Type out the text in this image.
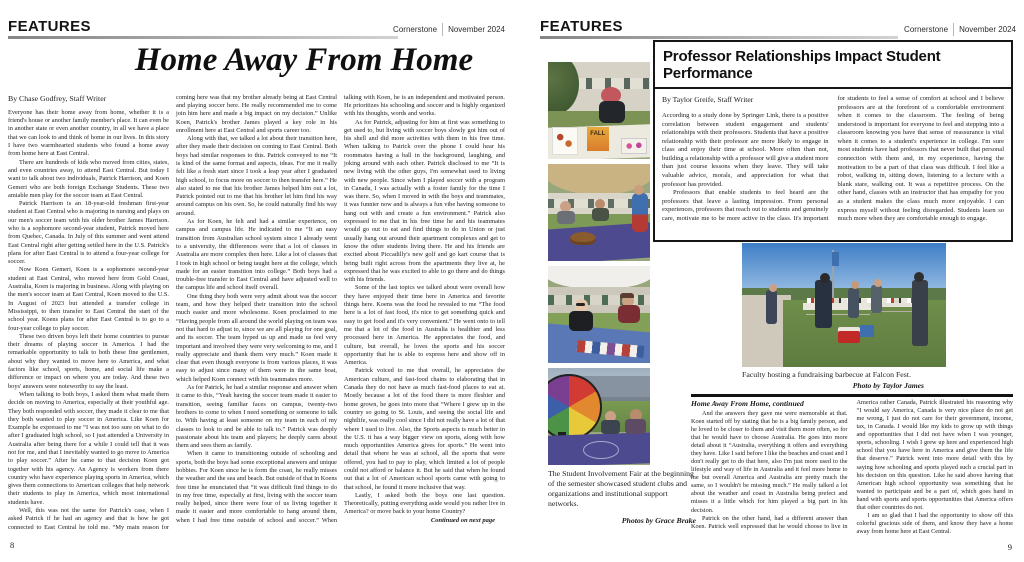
FEATURES	Cornerstone November 2024
Home Away From Home

By Chase Godfrey, Staff Writer

Everyone has their home away from home, whether it is a friend's house or another family member's place. It can even be in another state or even another country, in all we have a place that we can look to and think of home in our lives. In this story I have two warmhearted students who found a home away from home here at East Central.

There are hundreds of kids who moved from cities, states, and even countries away, to attend East Central. But today I want to talk about two individuals, Patrick Harrison, and Koen Gemeri who are both foreign Exchange Students. These two amiable men play for the soccer team at East Central.

Patrick Harrison is an 18-year-old freshman first-year student at East Central who is majoring in nursing and plays on our men's soccer team with his older brother James Harrison. who is a sophomore second-year student, Patrick moved here from Quebec, Canada. In July of this summer and went attend East Central right after getting settled here in the U.S. Patrick's plans for after East Central is to attend a four-year college for soccer.

Now Koen Gemeri, Koen is a sophomore second-year student at East Central, who moved here from Gold Coast, Australia, Koen is majoring in business. Along with playing on the men's soccer team at East Central, Koen moved to the U.S. In August of 2023 but attended a transfer college in Mississippi, to then transfer to East Central the start of the school year. Koens plans for after East Central is to go to a four-year college to play soccer.

These two driven boys left their home countries to pursue their dreams of playing soccer in America. I had the remarkable opportunity to talk to both these fine gentlemen, about why they wanted to move here to America, and what factors like school, sports, home, and social life make a difference or impact on where you are today. And these two boys' answers were noteworthy to say the least.

When talking to both boys, I asked them what made them decide on moving to America, especially at their youthful age. They both responded with soccer, they made it clear to me that they both wanted to play soccer in America. Like Koen for Example he expressed to me “I was not too sure on what to do after I graduated high school, so I just attended a University in Australia after being there for a while I could tell that it was not for me, and that I inevitably wanted to go move to America to play soccer.” After he came to that decision Koen got together with his agency. An Agency is workers from there country who have experience playing sports in America, which gives them connections to American colleges that help network their students to play in America, which most international students have.

Well, this was not the same for Patrick's case, when I asked Patrick if he had an agency and that is how he got connected to East Central he told me. “My main reason for coming here was that my brother already being at East Central and playing soccer here. He really recommended me to come join him here and made a big impact on my decision.” Unlike Koen, Patrick's brother James played a key role in his enrollment here at East Central and sports career too.

Along with that, we talked a lot about their transition here, after they made their decision on coming to East Central. Both boys had similar responses to this. Patrick conveyed to me “It is kind of the same format and aspects, ideas. For me it really felt like a fresh start since I took a leap year after I graduated high school, to focus more on soccer to then transfer here.” He also stated to me that his brother James helped him out a lot, Patrick pointed out to me that his brother let him find his way around campus on his own. So, he could naturally find his way around.

As for Koen, he felt and had a similar experience, on campus and campus life. He indicated to me “It an easy transition from Australian school system since I already went to a university, the differences were that a lot of classes in Australia are more complex then here. Like a lot of classes that I took in high school or being taught here at the college, which made for an easier transition into college.” Both boys had a trouble-free transfer to East Central and have adjusted well to the campus life and school itself overall.

One thing they both were very admit about was the soccer team, and how they helped their transition into the school much easier and more wholesome. Koen proclaimed to me “Having people from all around the world playing on team was not that hard to adjust to, since we are all playing for one goal, and its soccer. The team hyped us up and made us feel very important and involved they were very welcoming to me, and I really appreciate and thank them very much.” Koen made it clear that even though everyone is from various places, it was easy to adjust since many of them were in the same boat, which helped Koen connect with his teammates more.

As for Patrick, he had a similar response and answer when it came to this, “Yeah having the soccer team made it easier to transition, seeing familiar faces on campus, twenty-two brothers to come to when I need something or someone to talk to. With having at least someone on my team in each of my classes to look to and be able to talk to.” Patrick was deeply passionate about his team and players; he deeply cares about them and sees them as family.

When it came to transitioning outside of schooling and sports, both the boys had some exceptional answers and unique hobbies. For Koen since he is form the coast, he really misses the weather and the sea and beach. But outside of that in Koens free time he enunciated that “it was difficult find things to do in my free time, especially at first, living with the soccer team really helped, since there were four of us living together it made it easier and more comfortable to hang around them, when I had free time outside of school and soccer.” When talking with Koen, he is an independent and motivated person. He prioritizes his schooling and soccer and is highly organized with his thoughts, words and works.

As for Patrick, adjusting for him at first was something to get used to, but living with soccer boys slowly got him out of his shell and did more activities with them in his free time. When talking to Patrick over the phone I could hear his roommates having a ball in the background, laughing, and joking around with each other. Patrick disclosed to me “It is new living with the other guys, I'm somewhat used to living with new people. Since when I played soccer with a program in Canada, I was actually with a foster family for the time I was there. So, when I moved in with the boys and teammates, it was funnier now and is always a fun vibe having someone to hang out with and create a fun environment.” Patrick also expressed to me that in his free time he and his teammates would go out to eat and find things to do in Union or just usually hang out around their apartment complexes and get to know the other students living there. He and his friends are excited about Piccadilly's new golf and go kart course that is being built right across from the apartments they live at, he expressed that he was excited to able to go there and do things with his friends.

Some of the last topics we talked about were overall how they have enjoyed their time here in America and favorite things here. Koens was the food he revealed to me “The food here is a lot of fast food, it's nice to get something quick and easy to get food and it's very convenient.” He went onto to tell me that a lot of the food in Australia is healthier and less processed here in America. He appreciates the food, and culture, but overall, he loves the sports and his soccer opportunity that he is able to express here and show off in America.

Patrick voiced to me that overall, he appreciates the American culture, and fast-food chains to elaborating that in Canada they do not have as much fast-food places to eat at. Mostly because a lot of the food there is more fleshier and home grown, he goes into more that “Where I grew up in the country so going to St. Louis, and seeing the social life and nightlife, was really cool since I did not really have a lot of that where I used to live. Also, the Sports aspects is much better in the U.S. it has a way bigger view on sports, along with how much opportunities America gives for sports.” He went into detail that where he was at school, all the sports that were offered, you had to pay to play, which limited a lot of people could not afford or balance it. But he said that when he found out that a lot of American school sports came with going to that school, he found it more inclusive that way.

Lastly, I asked both the boys one last question. Theoretically, putting everything aside would you rather live in America? or move back to your home Country?

Continued on next page

8
FEATURES	Cornerstone November 2024
FALL
The Student Involvement Fair at the beginning of the semester showcased student clubs and organizations and institutional support networks.
Photos by Grace Brake
Professor Relationships Impact Student Performance

By Taylor Greife, Staff Writer

According to a study done by Springer Link, there is a positive correlation between student engagement and students' relationships with their professors. Students that have a positive relationship with their professor are more likely to engage in class and enjoy their time at school. More often than not, building a relationship with a professor will give a student more than just course lessons when they leave. They will take valuable advice, morals, and appreciation for what that professor has provided.

Professors that enable students to feel heard are the professors that leave a lasting impression. From personal experiences, professors that reach out to students and genuinely care, motivate me to be more active in the class. It's important for students to feel a sense of comfort at school and I believe professors are at the forefront of a comfortable environment when it comes to the classroom. The feeling of being understood is important for everyone to feel and stepping into a classroom knowing you have that sense of reassurance is vital when it comes to a student's experience in college. I'm sure most students have had professors that never built that personal connection with them and, in my experience, having the motivation to be a part of that class was difficult. I feel like a robot, walking in, sitting down, listening to a lecture with a blank stare, walking out. It was a repetitive process. On the other hand, classes with an instructor that has empathy for you as a student makes the class much more enjoyable. I can express myself without feeling disregarded. Students learn so much more when they are comfortable enough to engage.

Faculty hosting a fundraising barbecue at Falcon Fest.
Photo by Taylor James

Home Away From Home, continued

And the answers they gave me were memorable at that. Koen started off by stating that he is a big family person, and he loved to be closer to them and visit them more often, so for that he would have to choose Australia. He goes into more detail about it “Australia, everything it offers and everything they have. Like I said before I like the beaches and coast and I don't really get to do that here, also I'm just more used to the lifestyle and way of life in Australia and it feel more home to me but overall America and Australia are pretty much the same, so I wouldn't be missing much.” He really talked a lot about the weather and coast in Australia being prefect and misses it a little which for him played a big part in his decision.

Patrick on the other hand, had a different answer than Koen. Patrick well expressed that he would choose to live in America rather Canada, Patrick illustrated his reasoning why “I would say America, Canada is very nice place do not get me wrong, I just do not care for their government, income, tax, in Canada. I would like my kids to grow up with things and opportunities that I did not have when I was younger, sports, schooling. I wish I grew up here and experienced high school that you have here in America and give them the life that deserve.” Patrick went into more detail with this by saying how schooling and sports played such a crucial part in his decision on this question. Like he said above having that American high school opportunity was something that he wanted to participate and be a part of, which goes hand in hand with sports and sports opportunities that America offers that other countries do not.

I am so glad that I had the opportunity to show off this colorful gracious side of them, and know they have a home away from home here at East Central.

9
